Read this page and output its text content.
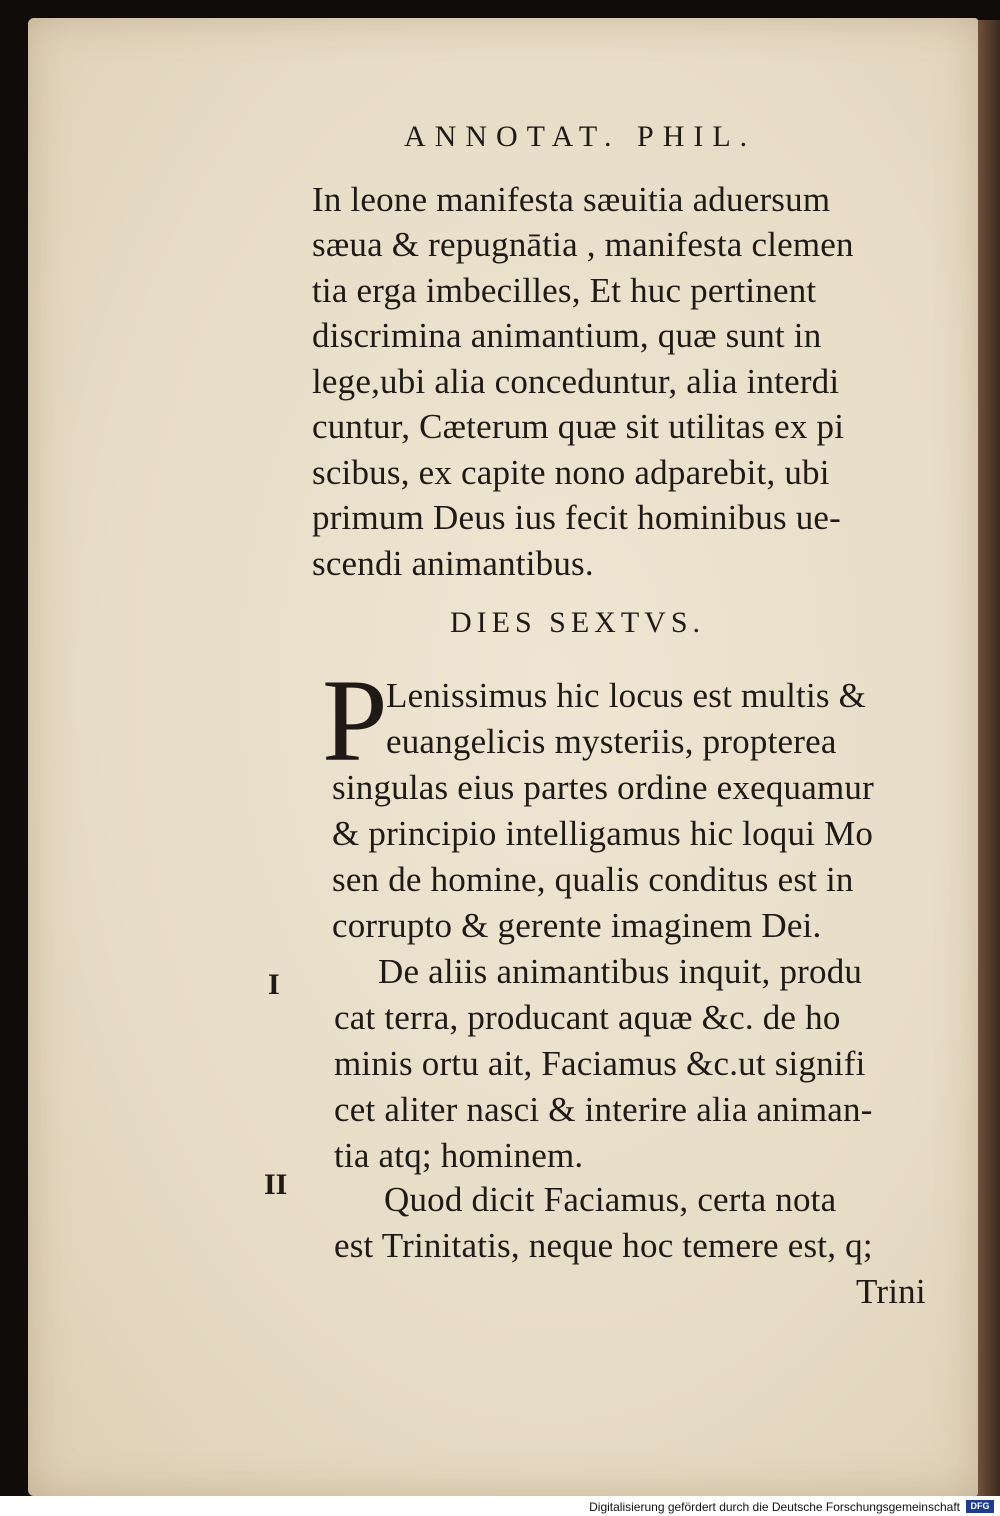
ANNOTAT. PHIL.
In leone manifesta sæuitia aduersum
sæua & repugnātia , manifesta clemen
tia erga imbecilles, Et huc pertinent
discrimina animantium, quæ sunt in
lege,ubi alia conceduntur, alia interdi
cuntur, Cæterum quæ sit utilitas ex pi
scibus, ex capite nono adparebit, ubi
primum Deus ius fecit hominibus ue-
scendi animantibus.
DIES SEXTVS.
P
Lenissimus hic locus est multis &
euangelicis mysteriis, propterea
singulas eius partes ordine exequamur
& principio intelligamus hic loqui Mo
sen de homine, qualis conditus est in
corrupto & gerente imaginem Dei.
I	De aliis animantibus inquit, produ
cat terra, producant aquæ &c. de ho
minis ortu ait, Faciamus &c.ut signifi
cet aliter nasci & interire alia animan-
tia atq; hominem.
II	Quod dicit Faciamus, certa nota
est Trinitatis, neque hoc temere est, q;
Trini
Digitalisierung gefördert durch die Deutsche Forschungsgemeinschaft	DFG
